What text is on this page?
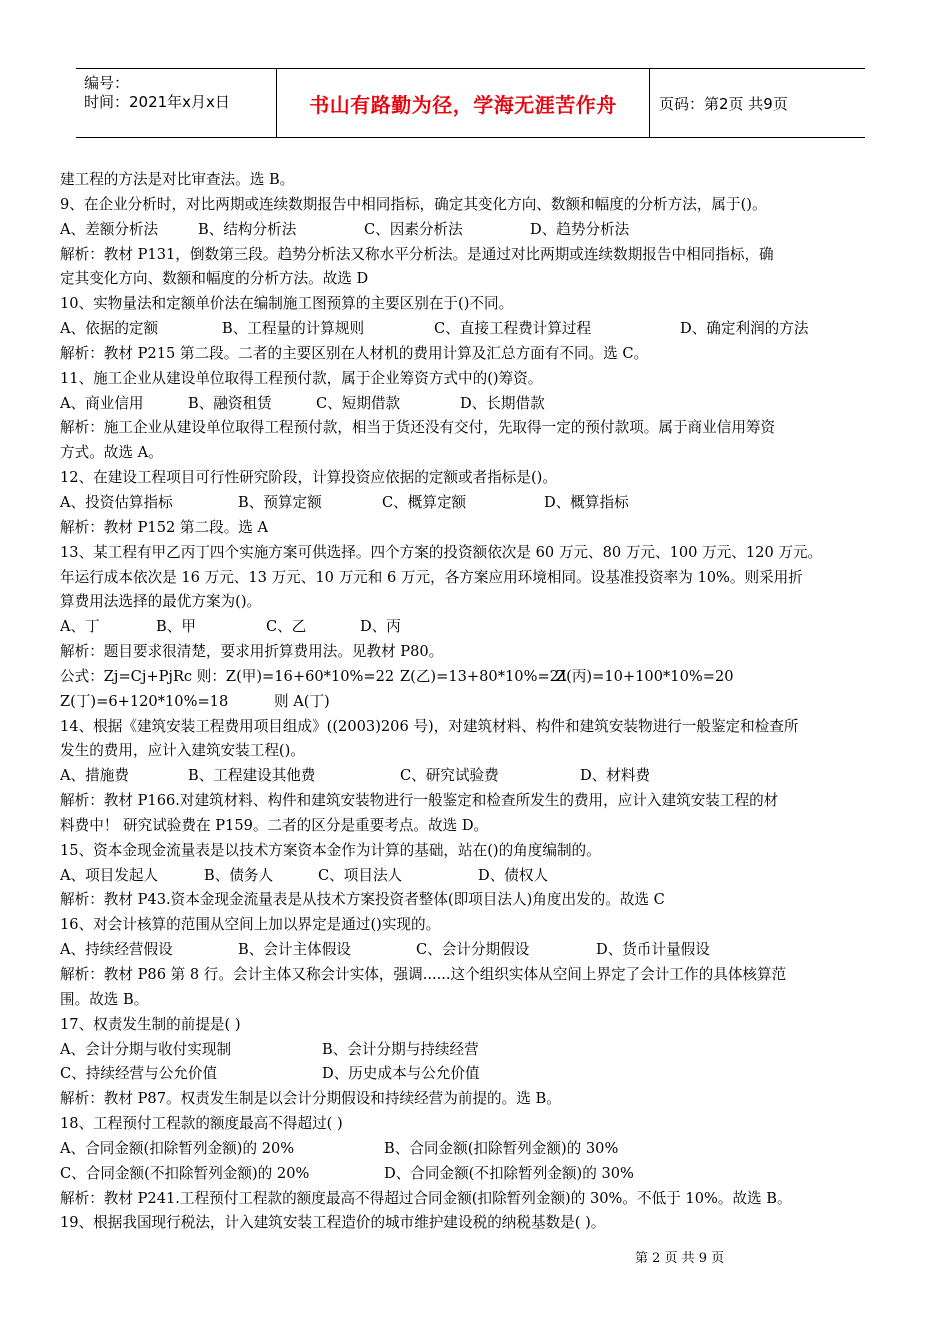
编号：
时间：2021年x月x日	书山有路勤为径，学海无涯苦作舟	页码：第2页 共9页
建工程的方法是对比审查法。选 B。
9、在企业分析时，对比两期或连续数期报告中相同指标，确定其变化方向、数额和幅度的分析方法，属于()。
A、差额分析法	B、结构分析法	C、因素分析法	D、趋势分析法
解析：教材 P131，倒数第三段。趋势分析法又称水平分析法。是通过对比两期或连续数期报告中相同指标，确
定其变化方向、数额和幅度的分析方法。故选 D
10、实物量法和定额单价法在编制施工图预算的主要区别在于()不同。
A、依据的定额	B、工程量的计算规则	C、直接工程费计算过程	D、确定利润的方法
解析：教材 P215 第二段。二者的主要区别在人材机的费用计算及汇总方面有不同。选 C。
11、施工企业从建设单位取得工程预付款，属于企业筹资方式中的()筹资。
A、商业信用	B、融资租赁	C、短期借款	D、长期借款
解析：施工企业从建设单位取得工程预付款，相当于货还没有交付，先取得一定的预付款项。属于商业信用筹资
方式。故选 A。
12、在建设工程项目可行性研究阶段，计算投资应依据的定额或者指标是()。
A、投资估算指标	B、预算定额	C、概算定额	D、概算指标
解析：教材 P152 第二段。选 A
13、某工程有甲乙丙丁四个实施方案可供选择。四个方案的投资额依次是 60 万元、80 万元、100 万元、120 万元。
年运行成本依次是 16 万元、13 万元、10 万元和 6 万元，各方案应用环境相同。设基准投资率为 10%。则采用折
算费用法选择的最优方案为()。
A、丁	B、甲	C、乙	D、丙
解析：题目要求很清楚，要求用折算费用法。见教材 P80。
公式：Zj=Cj+PjRc 则：Z(甲)=16+60*10%=22 Z(乙)=13+80*10%=21
Z(丙)=10+100*10%=20
Z(丁)=6+120*10%=18	则 A(丁)
14、根据《建筑安装工程费用项目组成》((2003)206 号)，对建筑材料、构件和建筑安装物进行一般鉴定和检查所
发生的费用，应计入建筑安装工程()。
A、措施费	B、工程建设其他费	C、研究试验费	D、材料费
解析：教材 P166.对建筑材料、构件和建筑安装物进行一般鉴定和检查所发生的费用，应计入建筑安装工程的材
料费中！ 研究试验费在 P159。二者的区分是重要考点。故选 D。
15、资本金现金流量表是以技术方案资本金作为计算的基础，站在()的角度编制的。
A、项目发起人	B、债务人	C、项目法人	D、债权人
解析：教材 P43.资本金现金流量表是从技术方案投资者整体(即项目法人)角度出发的。故选 C
16、对会计核算的范围从空间上加以界定是通过()实现的。
A、持续经营假设	B、会计主体假设	C、会计分期假设	D、货币计量假设
解析：教材 P86 第 8 行。会计主体又称会计实体，强调......这个组织实体从空间上界定了会计工作的具体核算范
围。故选 B。
17、权责发生制的前提是( )
A、会计分期与收付实现制	B、会计分期与持续经营
C、持续经营与公允价值	D、历史成本与公允价值
解析：教材 P87。权责发生制是以会计分期假设和持续经营为前提的。选 B。
18、工程预付工程款的额度最高不得超过( )
A、合同金额(扣除暂列金额)的 20%	B、合同金额(扣除暂列金额)的 30%
C、合同金额(不扣除暂列金额)的 20%	D、合同金额(不扣除暂列金额)的 30%
解析：教材 P241.工程预付工程款的额度最高不得超过合同金额(扣除暂列金额)的 30%。不低于 10%。故选 B。
19、根据我国现行税法，计入建筑安装工程造价的城市维护建设税的纳税基数是( )。
第 2 页 共 9 页
